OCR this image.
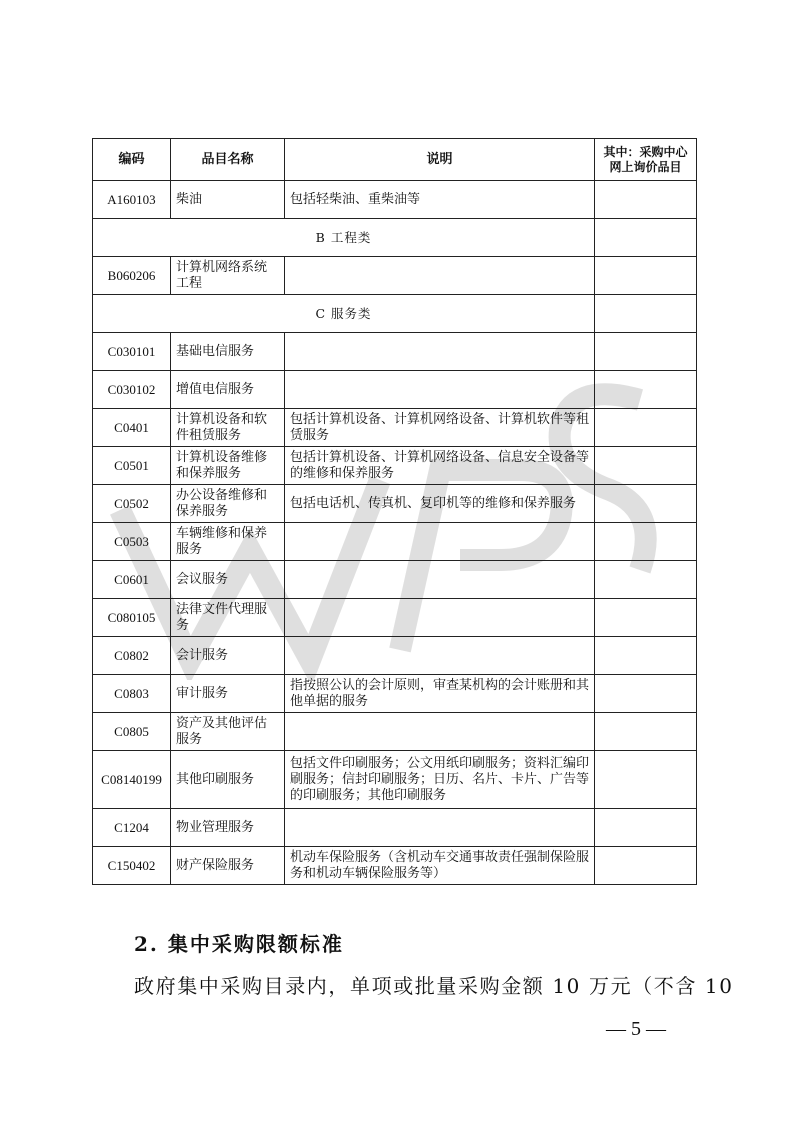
编码	品目名称	说明	其中：采购中心
网上询价品目

A160103	柴油	包括轻柴油、重柴油等	
B 工程类			
B060206	计算机网络系统工程		
C 服务类			
C030101	基础电信服务		
C030102	增值电信服务		
C0401	计算机设备和软件租赁服务	包括计算机设备、计算机网络设备、计算机软件等租赁服务	
C0501	计算机设备维修和保养服务	包括计算机设备、计算机网络设备、信息安全设备等的维修和保养服务	
C0502	办公设备维修和保养服务	包括电话机、传真机、复印机等的维修和保养服务	
C0503	车辆维修和保养服务		
C0601	会议服务		
C080105	法律文件代理服务		
C0802	会计服务		
C0803	审计服务	指按照公认的会计原则，审查某机构的会计账册和其他单据的服务	
C0805	资产及其他评估服务		
C08140199	其他印刷服务	包括文件印刷服务；公文用纸印刷服务；资料汇编印刷服务；信封印刷服务；日历、名片、卡片、广告等的印刷服务；其他印刷服务	
C1204	物业管理服务		
C150402	财产保险服务	机动车保险服务（含机动车交通事故责任强制保险服务和机动车辆保险服务等）	
2. 集中采购限额标准
政府集中采购目录内，单项或批量采购金额 10 万元（不含 10
— 5 —
